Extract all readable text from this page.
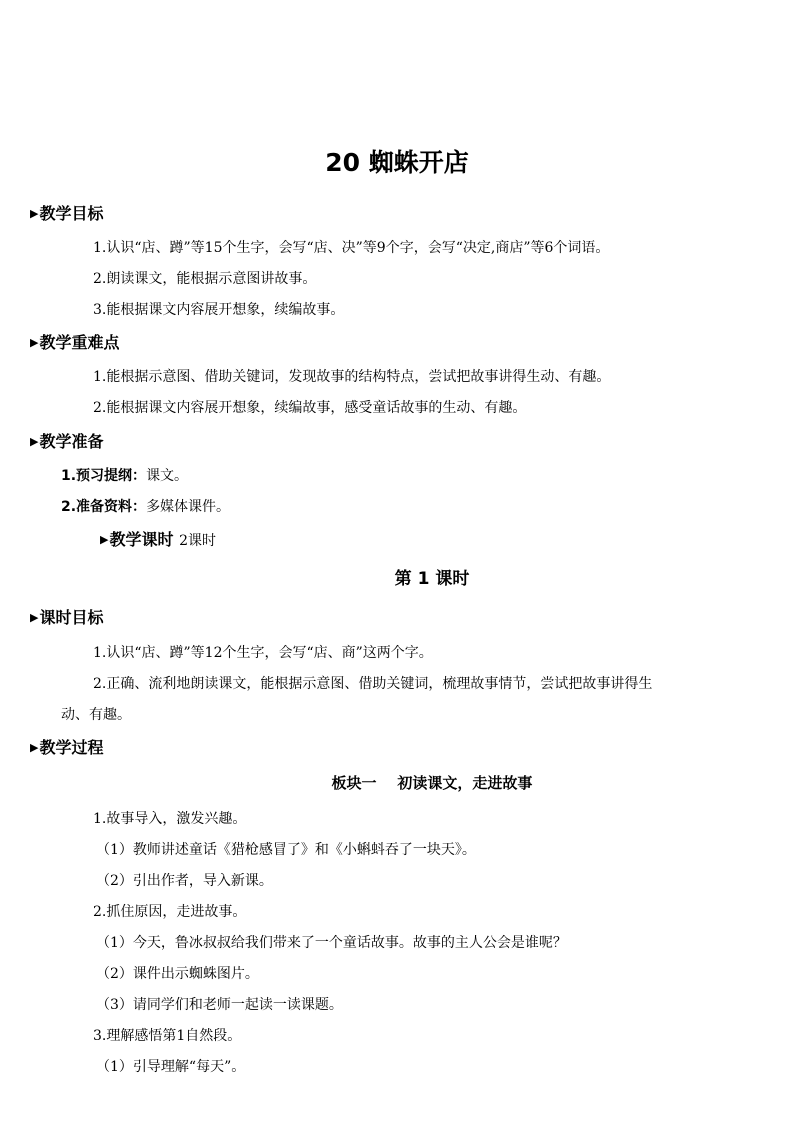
20 蜘蛛开店
▶教学目标
1.认识“店、蹲”等15个生字，会写“店、决”等9个字，会写“决定,商店”等6个词语。
2.朗读课文，能根据示意图讲故事。
3.能根据课文内容展开想象，续编故事。
▶教学重难点
1.能根据示意图、借助关键词，发现故事的结构特点，尝试把故事讲得生动、有趣。
2.能根据课文内容展开想象，续编故事，感受童话故事的生动、有趣。
▶教学准备
1.预习提纲：课文。
2.准备资料：多媒体课件。
▶教学课时 2课时
第 1 课时
▶课时目标
1.认识“店、蹲”等12个生字，会写“店、商”这两个字。
2.正确、流利地朗读课文，能根据示意图、借助关键词，梳理故事情节，尝试把故事讲得生
动、有趣。
▶教学过程
板块一    初读课文，走进故事
1.故事导入，激发兴趣。
（1）教师讲述童话《猎枪感冒了》和《小蝌蚪吞了一块天》。
（2）引出作者，导入新课。
2.抓住原因，走进故事。
（1）今天，鲁冰叔叔给我们带来了一个童话故事。故事的主人公会是谁呢？
（2）课件出示蜘蛛图片。
（3）请同学们和老师一起读一读课题。
3.理解感悟第1自然段。
（1）引导理解“每天”。
